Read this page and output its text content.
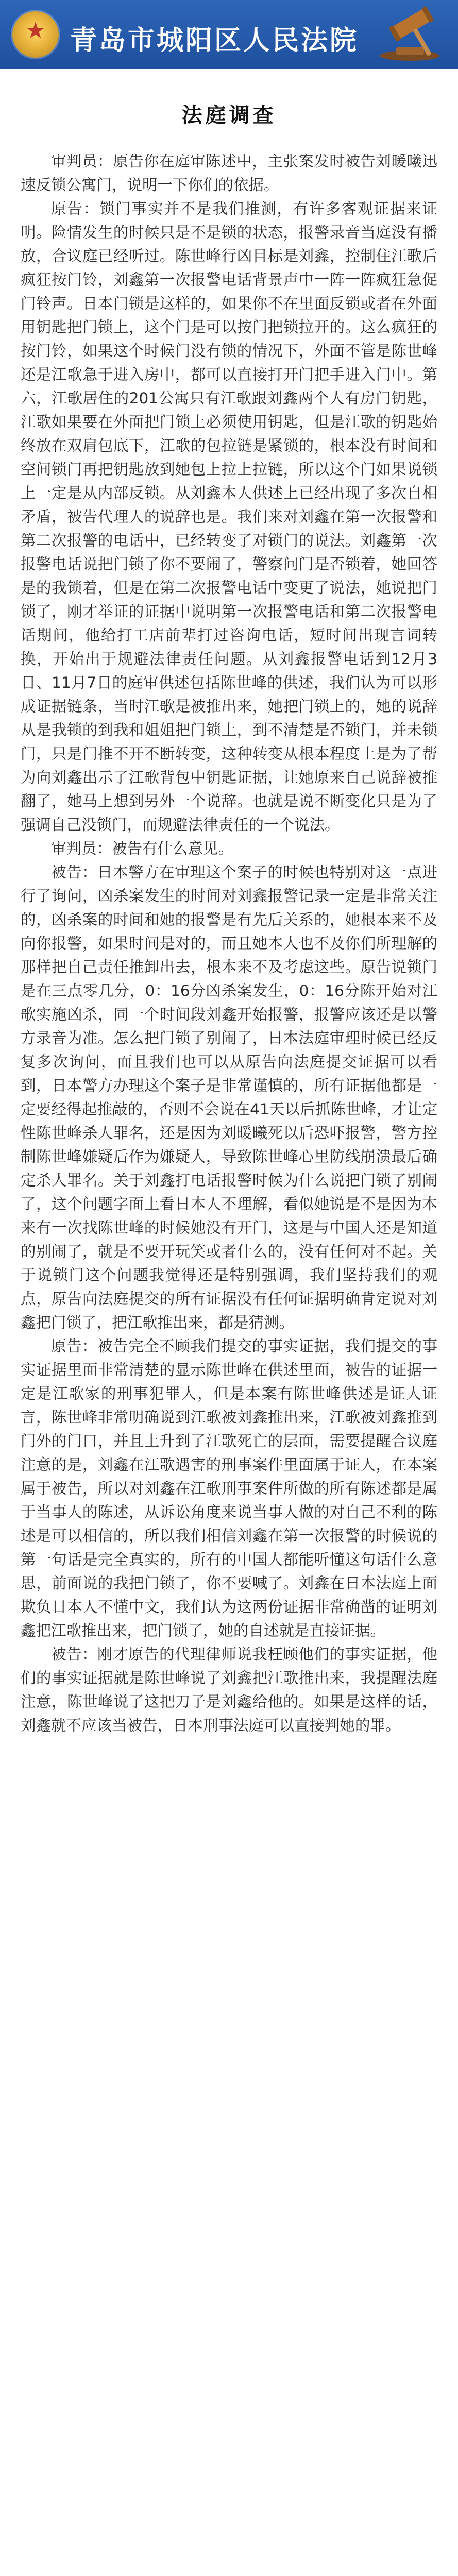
★ 青岛市城阳区人民法院
法庭调查

审判员：原告你在庭审陈述中，主张案发时被告刘暖曦迅速反锁公寓门，说明一下你们的依据。

原告：锁门事实并不是我们推测，有许多客观证据来证明。险情发生的时候只是不是锁的状态，报警录音当庭没有播放，合议庭已经听过。陈世峰行凶目标是刘鑫，控制住江歌后疯狂按门铃，刘鑫第一次报警电话背景声中一阵一阵疯狂急促门铃声。日本门锁是这样的，如果你不在里面反锁或者在外面用钥匙把门锁上，这个门是可以按门把锁拉开的。这么疯狂的按门铃，如果这个时候门没有锁的情况下，外面不管是陈世峰还是江歌急于进入房中，都可以直接打开门把手进入门中。第六，江歌居住的201公寓只有江歌跟刘鑫两个人有房门钥匙，江歌如果要在外面把门锁上必须使用钥匙，但是江歌的钥匙始终放在双肩包底下，江歌的包拉链是紧锁的，根本没有时间和空间锁门再把钥匙放到她包上拉上拉链，所以这个门如果说锁上一定是从内部反锁。从刘鑫本人供述上已经出现了多次自相矛盾，被告代理人的说辞也是。我们来对刘鑫在第一次报警和第二次报警的电话中，已经转变了对锁门的说法。刘鑫第一次报警电话说把门锁了你不要闹了，警察问门是否锁着，她回答是的我锁着，但是在第二次报警电话中变更了说法，她说把门锁了，刚才举证的证据中说明第一次报警电话和第二次报警电话期间，他给打工店前辈打过咨询电话，短时间出现言词转换，开始出于规避法律责任问题。从刘鑫报警电话到12月3日、11月7日的庭审供述包括陈世峰的供述，我们认为可以形成证据链条，当时江歌是被推出来，她把门锁上的，她的说辞从是我锁的到我和姐姐把门锁上，到不清楚是否锁门，并未锁门，只是门推不开不断转变，这种转变从根本程度上是为了帮为向刘鑫出示了江歌背包中钥匙证据，让她原来自己说辞被推翻了，她马上想到另外一个说辞。也就是说不断变化只是为了强调自己没锁门，而规避法律责任的一个说法。

审判员：被告有什么意见。

被告：日本警方在审理这个案子的时候也特别对这一点进行了询问，凶杀案发生的时间对刘鑫报警记录一定是非常关注的，凶杀案的时间和她的报警是有先后关系的，她根本来不及向你报警，如果时间是对的，而且她本人也不及你们所理解的那样把自己责任推卸出去，根本来不及考虑这些。原告说锁门是在三点零几分，0：16分凶杀案发生，0：16分陈开始对江歌实施凶杀，同一个时间段刘鑫开始报警，报警应该还是以警方录音为准。怎么把门锁了别闹了，日本法庭审理时候已经反复多次询问，而且我们也可以从原告向法庭提交证据可以看到，日本警方办理这个案子是非常谨慎的，所有证据他都是一定要经得起推敲的，否则不会说在41天以后抓陈世峰，才让定性陈世峰杀人罪名，还是因为刘暖曦死以后恐吓报警，警方控制陈世峰嫌疑后作为嫌疑人，导致陈世峰心里防线崩溃最后确定杀人罪名。关于刘鑫打电话报警时候为什么说把门锁了别闹了，这个问题字面上看日本人不理解，看似她说是不是因为本来有一次找陈世峰的时候她没有开门，这是与中国人还是知道的别闹了，就是不要开玩笑或者什么的，没有任何对不起。关于说锁门这个问题我觉得还是特别强调，我们坚持我们的观点，原告向法庭提交的所有证据没有任何证据明确肯定说对刘鑫把门锁了，把江歌推出来，都是猜测。

原告：被告完全不顾我们提交的事实证据，我们提交的事实证据里面非常清楚的显示陈世峰在供述里面，被告的证据一定是江歌家的刑事犯罪人，但是本案有陈世峰供述是证人证言，陈世峰非常明确说到江歌被刘鑫推出来，江歌被刘鑫推到门外的门口，并且上升到了江歌死亡的层面，需要提醒合议庭注意的是，刘鑫在江歌遇害的刑事案件里面属于证人，在本案属于被告，所以对刘鑫在江歌刑事案件所做的所有陈述都是属于当事人的陈述，从诉讼角度来说当事人做的对自己不利的陈述是可以相信的，所以我们相信刘鑫在第一次报警的时候说的第一句话是完全真实的，所有的中国人都能听懂这句话什么意思，前面说的我把门锁了，你不要喊了。刘鑫在日本法庭上面欺负日本人不懂中文，我们认为这两份证据非常确凿的证明刘鑫把江歌推出来，把门锁了，她的自述就是直接证据。

被告：刚才原告的代理律师说我枉顾他们的事实证据，他们的事实证据就是陈世峰说了刘鑫把江歌推出来，我提醒法庭注意，陈世峰说了这把刀子是刘鑫给他的。如果是这样的话，刘鑫就不应该当被告，日本刑事法庭可以直接判她的罪。
